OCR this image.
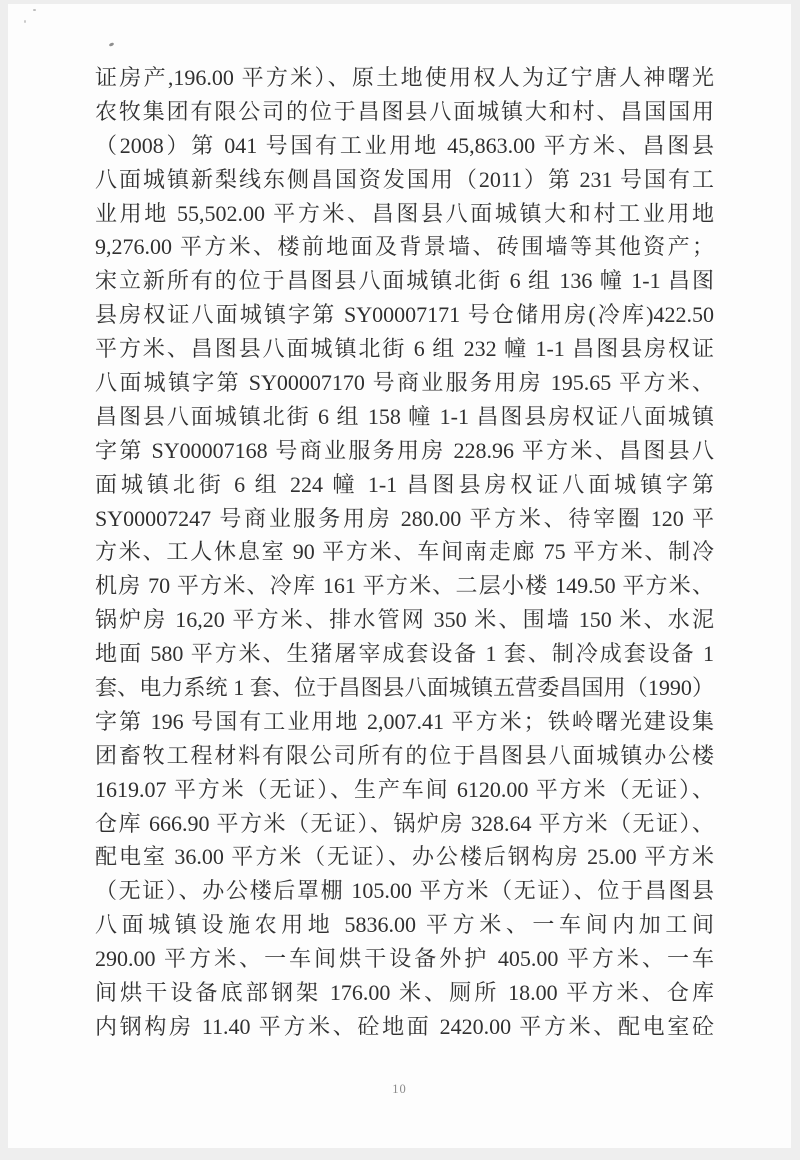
证房产,196.00 平方米）、原土地使用权人为辽宁唐人神曙光
农牧集团有限公司的位于昌图县八面城镇大和村、昌国国用
（2008）第 041 号国有工业用地 45,863.00 平方米、昌图县
八面城镇新梨线东侧昌国资发国用（2011）第 231 号国有工
业用地 55,502.00 平方米、昌图县八面城镇大和村工业用地
9,276.00 平方米、楼前地面及背景墙、砖围墙等其他资产；
宋立新所有的位于昌图县八面城镇北街 6 组 136 幢 1-1 昌图
县房权证八面城镇字第 SY00007171 号仓储用房(冷库)422.50
平方米、昌图县八面城镇北街 6 组 232 幢 1-1 昌图县房权证
八面城镇字第 SY00007170 号商业服务用房 195.65 平方米、
昌图县八面城镇北街 6 组 158 幢 1-1 昌图县房权证八面城镇
字第 SY00007168 号商业服务用房 228.96 平方米、昌图县八
面城镇北街 6 组 224 幢 1-1 昌图县房权证八面城镇字第
SY00007247 号商业服务用房 280.00 平方米、待宰圈 120 平
方米、工人休息室 90 平方米、车间南走廊 75 平方米、制冷
机房 70 平方米、冷库 161 平方米、二层小楼 149.50 平方米、
锅炉房 16,20 平方米、排水管网 350 米、围墙 150 米、水泥
地面 580 平方米、生猪屠宰成套设备 1 套、制冷成套设备 1
套、电力系统 1 套、位于昌图县八面城镇五营委昌国用（1990）
字第 196 号国有工业用地 2,007.41 平方米；铁岭曙光建设集
团畜牧工程材料有限公司所有的位于昌图县八面城镇办公楼
1619.07 平方米（无证）、生产车间 6120.00 平方米（无证）、
仓库 666.90 平方米（无证）、锅炉房 328.64 平方米（无证）、
配电室 36.00 平方米（无证）、办公楼后钢构房 25.00 平方米
（无证）、办公楼后罩棚 105.00 平方米（无证）、位于昌图县
八面城镇设施农用地 5836.00 平方米、一车间内加工间
290.00 平方米、一车间烘干设备外护 405.00 平方米、一车
间烘干设备底部钢架 176.00 米、厕所 18.00 平方米、仓库
内钢构房 11.40 平方米、砼地面 2420.00 平方米、配电室砼
10
